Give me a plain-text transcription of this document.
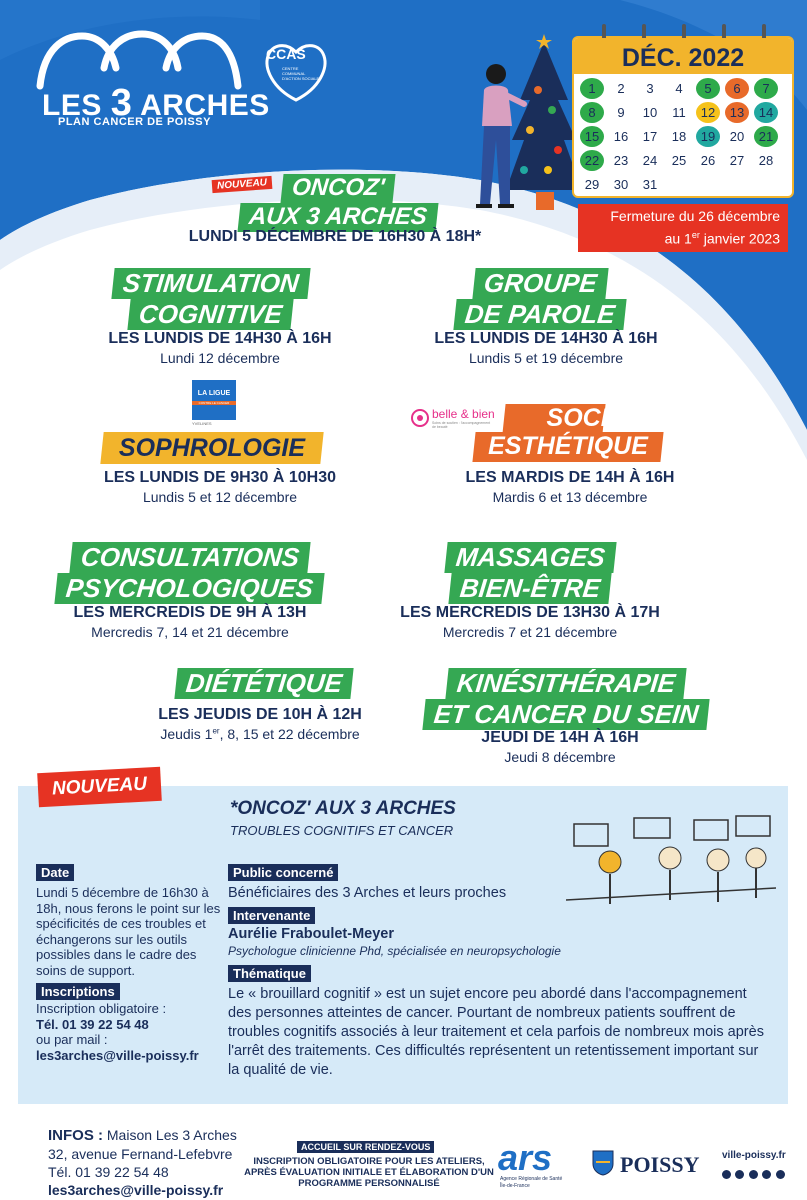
LES 3 ARCHES
PLAN CANCER DE POISSY
CCAS
CENTRE COMMUNAL D'ACTION SOCIALE
DÉC. 2022
1	2	3	4	5	6	7
8	9	10	11	12	13	14
15	16	17	18	19	20	21
22	23	24	25	26	27	28
29	30	31
Fermeture du 26 décembre
au 1er janvier 2023
NOUVEAU ONCOZ'
AUX 3 ARCHES
LUNDI 5 DÉCEMBRE DE 16H30 À 18H*
STIMULATION
COGNITIVE
LES LUNDIS DE 14H30 À 16H
Lundi 12 décembre
GROUPE
DE PAROLE
LES LUNDIS DE 14H30 À 16H
Lundis 5 et 19 décembre
LA LIGUE
CONTRE LE CANCER
YVELINES
SOPHROLOGIE
LES LUNDIS DE 9H30 À 10H30
Lundis 5 et 12 décembre
belle & bien
Soins de soutien : l'accompagnement de beauté	SOCIO-
ESTHÉTIQUE
LES MARDIS DE 14H À 16H
Mardis 6 et 13 décembre
CONSULTATIONS
PSYCHOLOGIQUES
LES MERCREDIS DE 9H À 13H
Mercredis 7, 14 et 21 décembre
MASSAGES
BIEN-ÊTRE
LES MERCREDIS DE 13H30 À 17H
Mercredis 7 et 21 décembre
DIÉTÉTIQUE
LES JEUDIS DE 10H À 12H
Jeudis 1er, 8, 15 et 22 décembre
KINÉSITHÉRAPIE
ET CANCER DU SEIN
JEUDI DE 14H À 16H
Jeudi 8 décembre
NOUVEAU
*ONCOZ' AUX 3 ARCHES
TROUBLES COGNITIFS ET CANCER
Date
Lundi 5 décembre de 16h30 à 18h, nous ferons le point sur les spécificités de ces troubles et échangerons sur les outils possibles dans le cadre des soins de support.
Inscriptions
Inscription obligatoire :
Tél. 01 39 22 54 48
ou par mail :
les3arches@ville-poissy.fr
Public concerné
Bénéficiaires des 3 Arches et leurs proches
Intervenante
Aurélie Fraboulet-Meyer
Psychologue clinicienne Phd, spécialisée en neuropsychologie
Thématique
Le « brouillard cognitif » est un sujet encore peu abordé dans l'accompagnement des personnes atteintes de cancer. Pourtant de nombreux patients souffrent de troubles cognitifs associés à leur traitement et cela parfois de nombreux mois après l'arrêt des traitements. Ces difficultés représentent un retentissement important sur la qualité de vie.
INFOS : Maison Les 3 Arches
32, avenue Fernand-Lefebvre
Tél. 01 39 22 54 48
les3arches@ville-poissy.fr
ACCUEIL SUR RENDEZ-VOUS
INSCRIPTION OBLIGATOIRE POUR LES ATELIERS, APRÈS ÉVALUATION INITIALE ET ÉLABORATION D'UN PROGRAMME PERSONNALISÉ
ars
Agence Régionale de Santé
Île-de-France
POISSY ville-poissy.fr
